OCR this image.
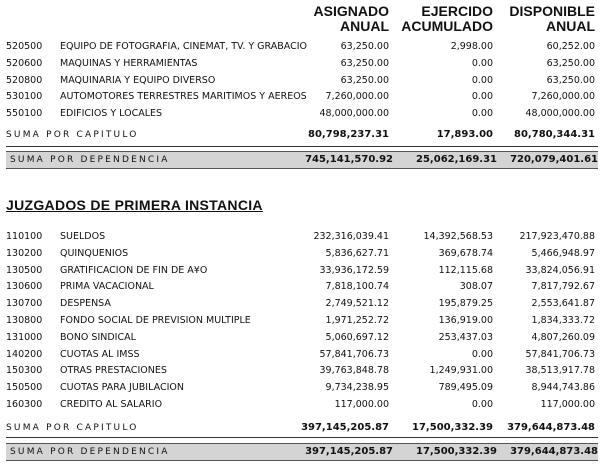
ASIGNADO
ANUAL
EJERCIDO
ACUMULADO
DISPONIBLE
ANUAL
520500 EQUIPO DE FOTOGRAFIA, CINEMAT, TV. Y GRABACIO	63,250.00	2,998.00	60,252.00
520600 MAQUINAS Y HERRAMIENTAS	63,250.00	0.00	63,250.00
520800 MAQUINARIA Y EQUIPO DIVERSO	63,250.00	0.00	63,250.00
530100 AUTOMOTORES TERRESTRES MARITIMOS Y AEREOS 7,260,000.00	0.00	7,260,000.00
550100 EDIFICIOS Y LOCALES	48,000,000.00	0.00	48,000,000.00
SUMA POR CAPITULO	80,798,237.31	17,893.00 80,780,344.31
SUMA POR DEPENDENCIA	745,141,570.92 25,062,169.31 720,079,401.61
JUZGADOS DE PRIMERA INSTANCIA
110100 SUELDOS	232,316,039.41	14,392,568.53	217,923,470.88
130200 QUINQUENIOS	5,836,627.71	369,678.74	5,466,948.97
130500 GRATIFICACION DE FIN DE A¥O	33,936,172.59	112,115.68	33,824,056.91
130600 PRIMA VACACIONAL	7,818,100.74	308.07	7,817,792.67
130700 DESPENSA	2,749,521.12	195,879.25	2,553,641.87
130800 FONDO SOCIAL DE PREVISION MULTIPLE	1,971,252.72	136,919.00	1,834,333.72
131000 BONO SINDICAL	5,060,697.12	253,437.03	4,807,260.09
140200 CUOTAS AL IMSS	57,841,706.73	0.00	57,841,706.73
150300 OTRAS PRESTACIONES	39,763,848.78	1,249,931.00	38,513,917.78
150500 CUOTAS PARA JUBILACION	9,734,238.95	789,495.09	8,944,743.86
160300 CREDITO AL SALARIO	117,000.00	0.00	117,000.00
SUMA POR CAPITULO	397,145,205.87 17,500,332.39 379,644,873.48
SUMA POR DEPENDENCIA	397,145,205.87 17,500,332.39 379,644,873.48
